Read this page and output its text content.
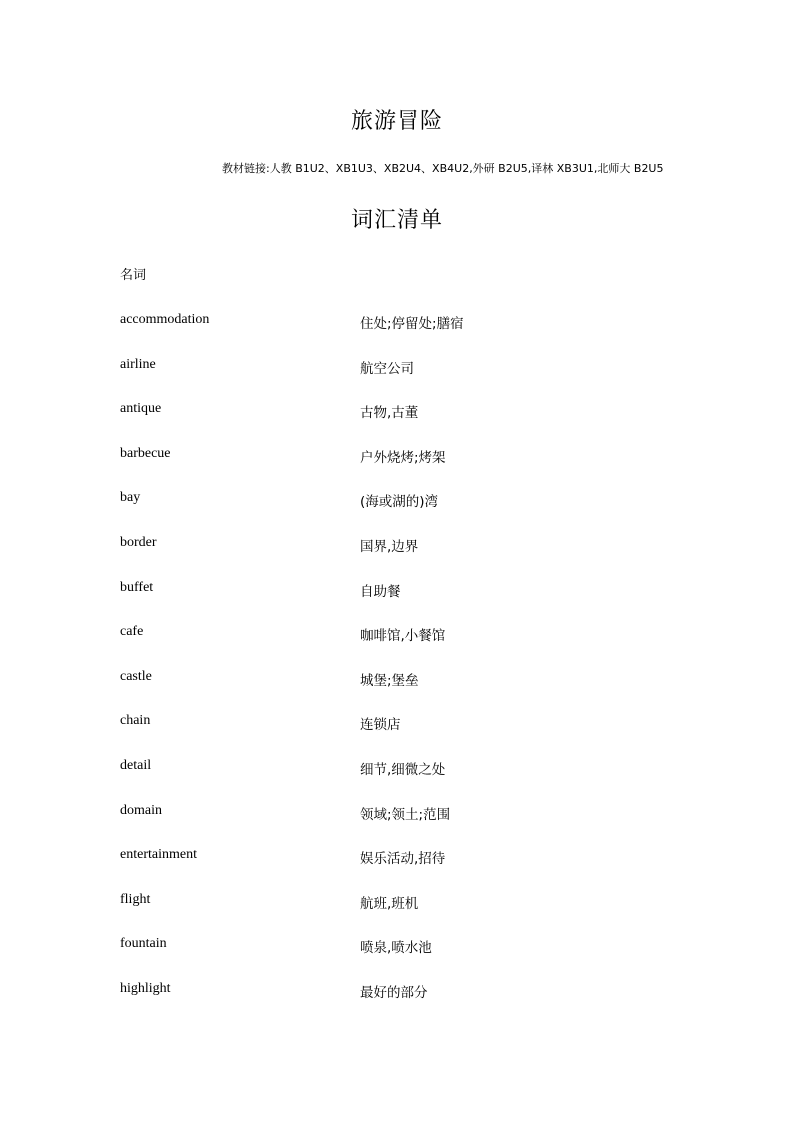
旅游冒险
教材链接:人教 B1U2、XB1U3、XB2U4、XB4U2,外研 B2U5,译林 XB3U1,北师大 B2U5
词汇清单
名词
accommodation	住处;停留处;膳宿
airline	航空公司
antique	古物,古董
barbecue	户外烧烤;烤架
bay	(海或湖的)湾
border	国界,边界
buffet	自助餐
cafe	咖啡馆,小餐馆
castle	城堡;堡垒
chain	连锁店
detail	细节,细微之处
domain	领域;领土;范围
entertainment	娱乐活动,招待
flight	航班,班机
fountain	喷泉,喷水池
highlight	最好的部分
